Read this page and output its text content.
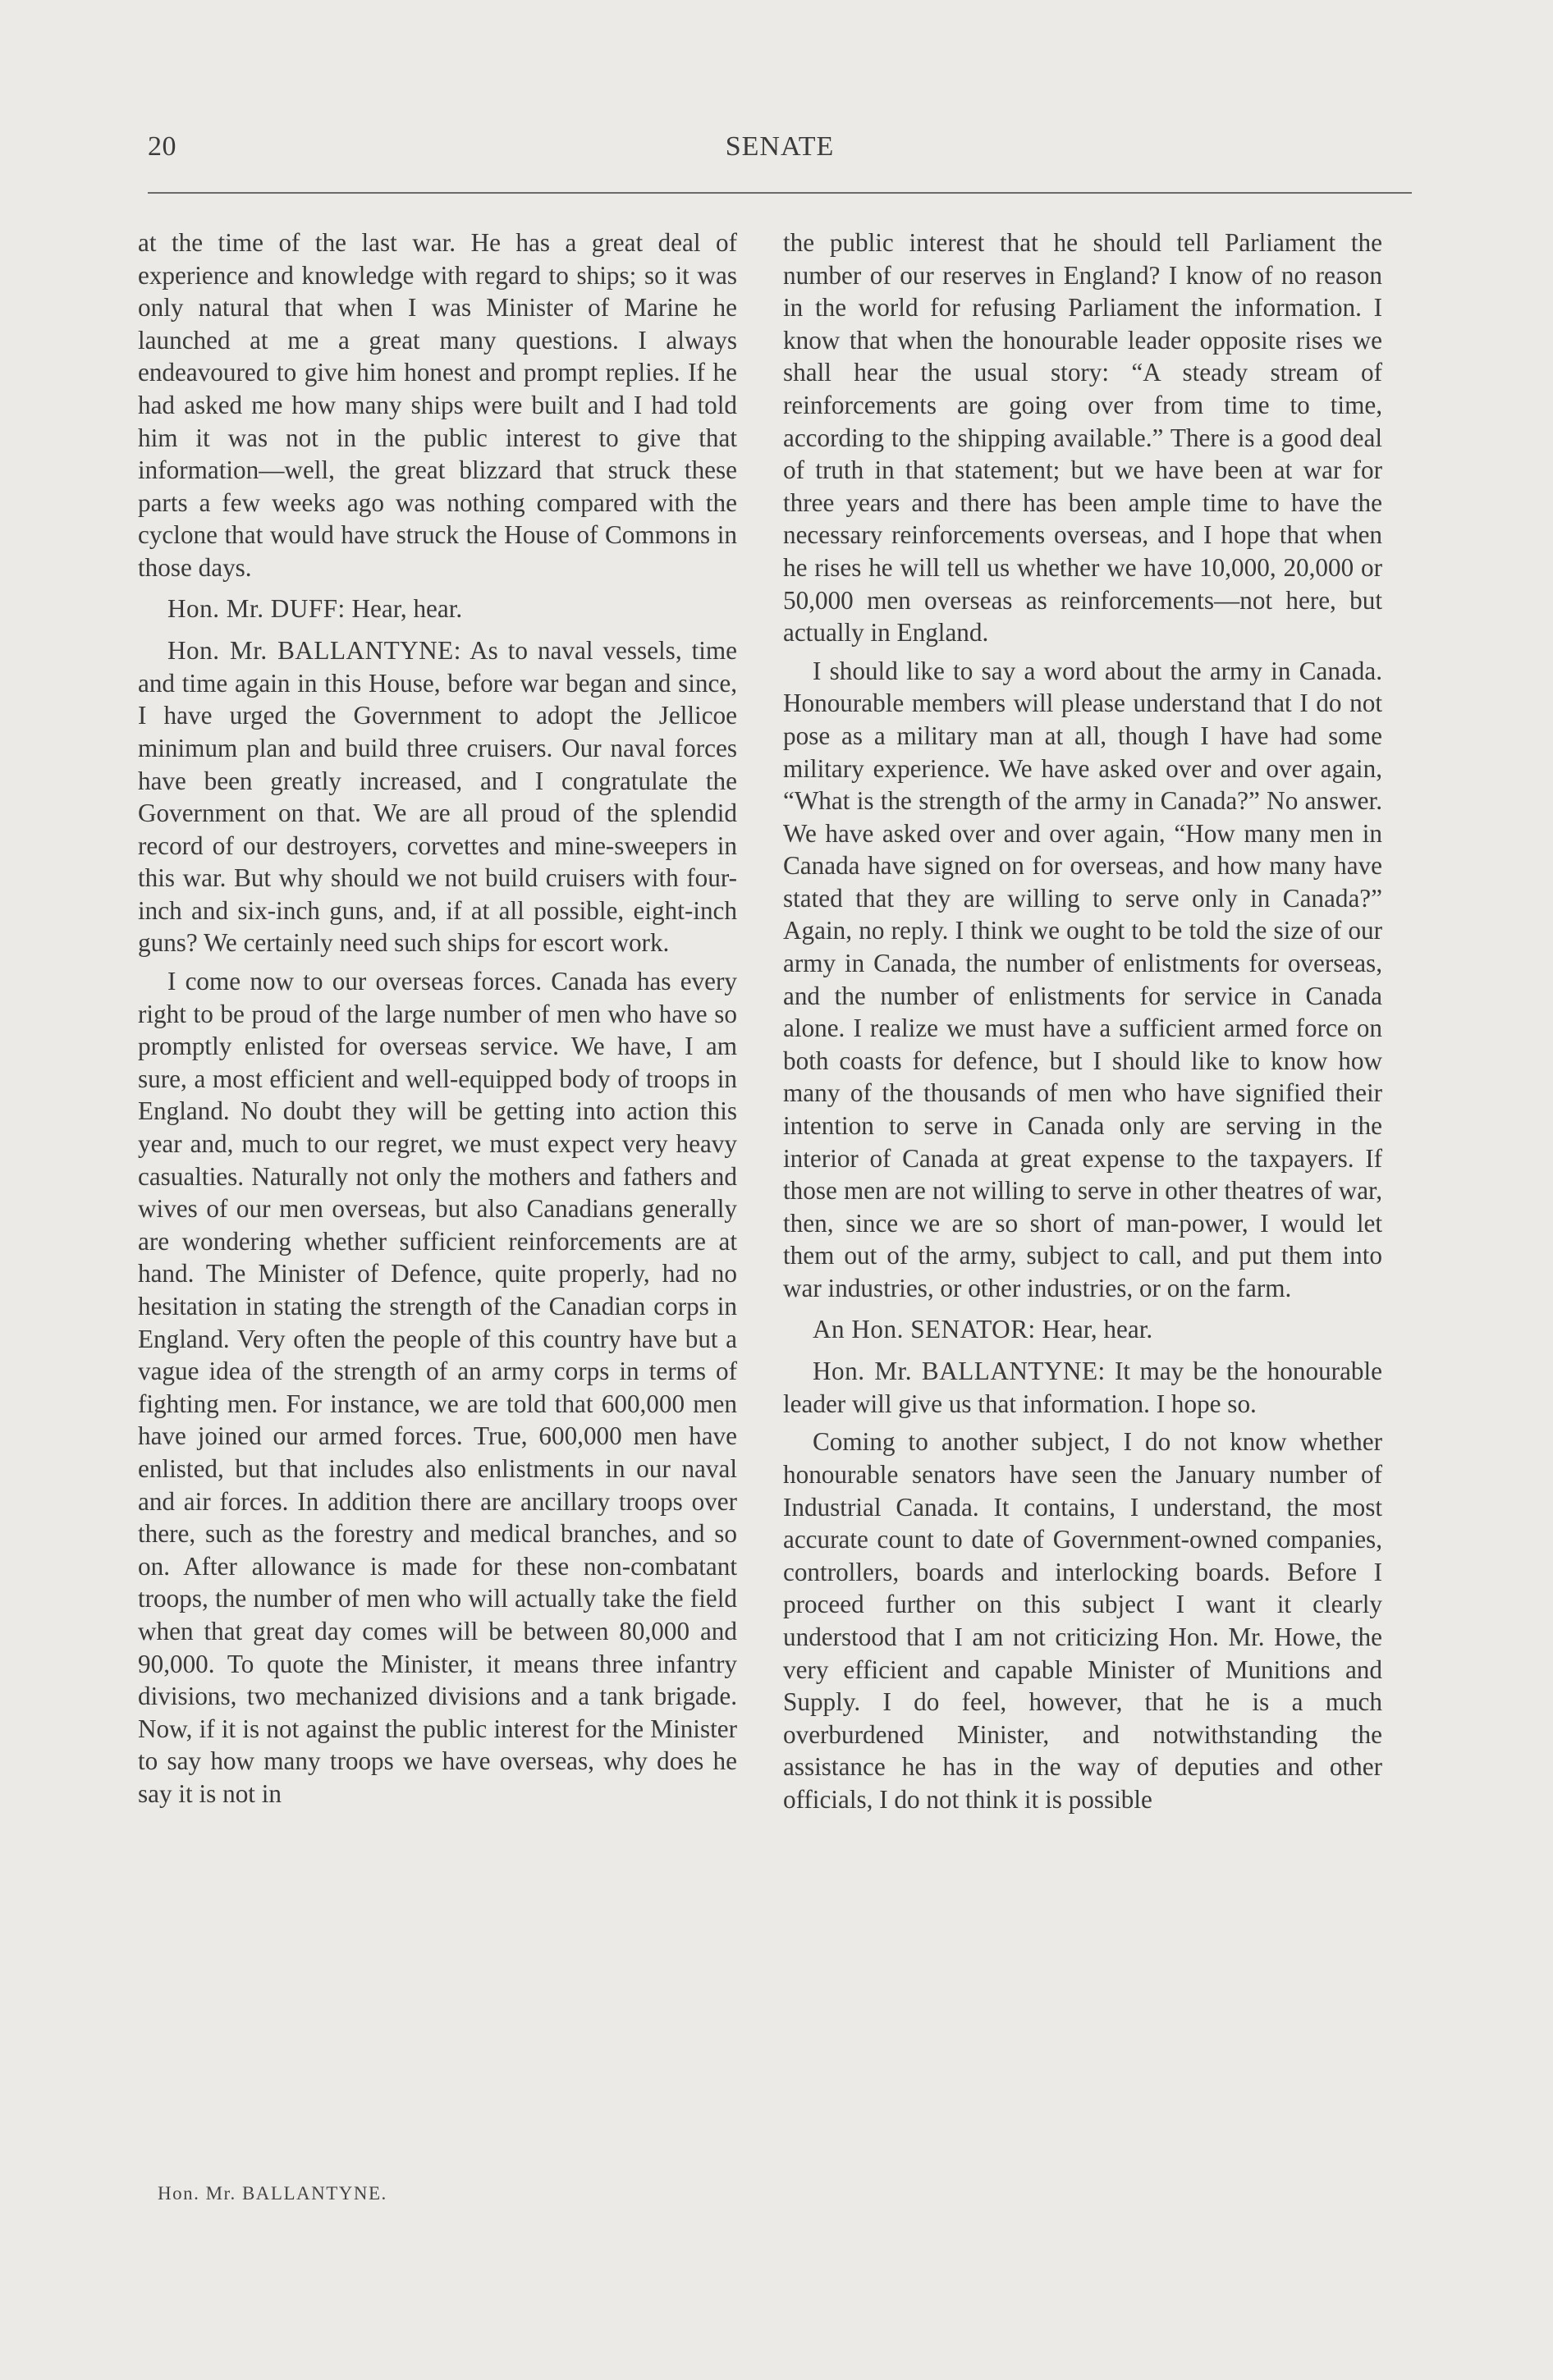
20	SENATE

at the time of the last war. He has a great deal of experience and knowledge with regard to ships; so it was only natural that when I was Minister of Marine he launched at me a great many questions. I always endeavoured to give him honest and prompt replies. If he had asked me how many ships were built and I had told him it was not in the public interest to give that information—well, the great blizzard that struck these parts a few weeks ago was nothing compared with the cyclone that would have struck the House of Commons in those days.

Hon. Mr. DUFF: Hear, hear.

Hon. Mr. BALLANTYNE: As to naval vessels, time and time again in this House, before war began and since, I have urged the Government to adopt the Jellicoe minimum plan and build three cruisers. Our naval forces have been greatly increased, and I congratulate the Government on that. We are all proud of the splendid record of our destroyers, corvettes and mine-sweepers in this war. But why should we not build cruisers with four-inch and six-inch guns, and, if at all possible, eight-inch guns? We certainly need such ships for escort work.

I come now to our overseas forces. Canada has every right to be proud of the large number of men who have so promptly enlisted for overseas service. We have, I am sure, a most efficient and well-equipped body of troops in England. No doubt they will be getting into action this year and, much to our regret, we must expect very heavy casualties. Naturally not only the mothers and fathers and wives of our men overseas, but also Canadians generally are wondering whether sufficient reinforcements are at hand. The Minister of Defence, quite properly, had no hesitation in stating the strength of the Canadian corps in England. Very often the people of this country have but a vague idea of the strength of an army corps in terms of fighting men. For instance, we are told that 600,000 men have joined our armed forces. True, 600,000 men have enlisted, but that includes also enlistments in our naval and air forces. In addition there are ancillary troops over there, such as the forestry and medical branches, and so on. After allowance is made for these non-combatant troops, the number of men who will actually take the field when that great day comes will be between 80,000 and 90,000. To quote the Minister, it means three infantry divisions, two mechanized divisions and a tank brigade. Now, if it is not against the public interest for the Minister to say how many troops we have overseas, why does he say it is not in

the public interest that he should tell Parliament the number of our reserves in England? I know of no reason in the world for refusing Parliament the information. I know that when the honourable leader opposite rises we shall hear the usual story: “A steady stream of reinforcements are going over from time to time, according to the shipping available.” There is a good deal of truth in that statement; but we have been at war for three years and there has been ample time to have the necessary reinforcements overseas, and I hope that when he rises he will tell us whether we have 10,000, 20,000 or 50,000 men overseas as reinforcements—not here, but actually in England.

I should like to say a word about the army in Canada. Honourable members will please understand that I do not pose as a military man at all, though I have had some military experience. We have asked over and over again, “What is the strength of the army in Canada?” No answer. We have asked over and over again, “How many men in Canada have signed on for overseas, and how many have stated that they are willing to serve only in Canada?” Again, no reply. I think we ought to be told the size of our army in Canada, the number of enlistments for overseas, and the number of enlistments for service in Canada alone. I realize we must have a sufficient armed force on both coasts for defence, but I should like to know how many of the thousands of men who have signified their intention to serve in Canada only are serving in the interior of Canada at great expense to the taxpayers. If those men are not willing to serve in other theatres of war, then, since we are so short of man-power, I would let them out of the army, subject to call, and put them into war industries, or other industries, or on the farm.

An Hon. SENATOR: Hear, hear.

Hon. Mr. BALLANTYNE: It may be the honourable leader will give us that information. I hope so.

Coming to another subject, I do not know whether honourable senators have seen the January number of Industrial Canada. It contains, I understand, the most accurate count to date of Government-owned companies, controllers, boards and interlocking boards. Before I proceed further on this subject I want it clearly understood that I am not criticizing Hon. Mr. Howe, the very efficient and capable Minister of Munitions and Supply. I do feel, however, that he is a much overburdened Minister, and notwithstanding the assistance he has in the way of deputies and other officials, I do not think it is possible

Hon. Mr. BALLANTYNE.
